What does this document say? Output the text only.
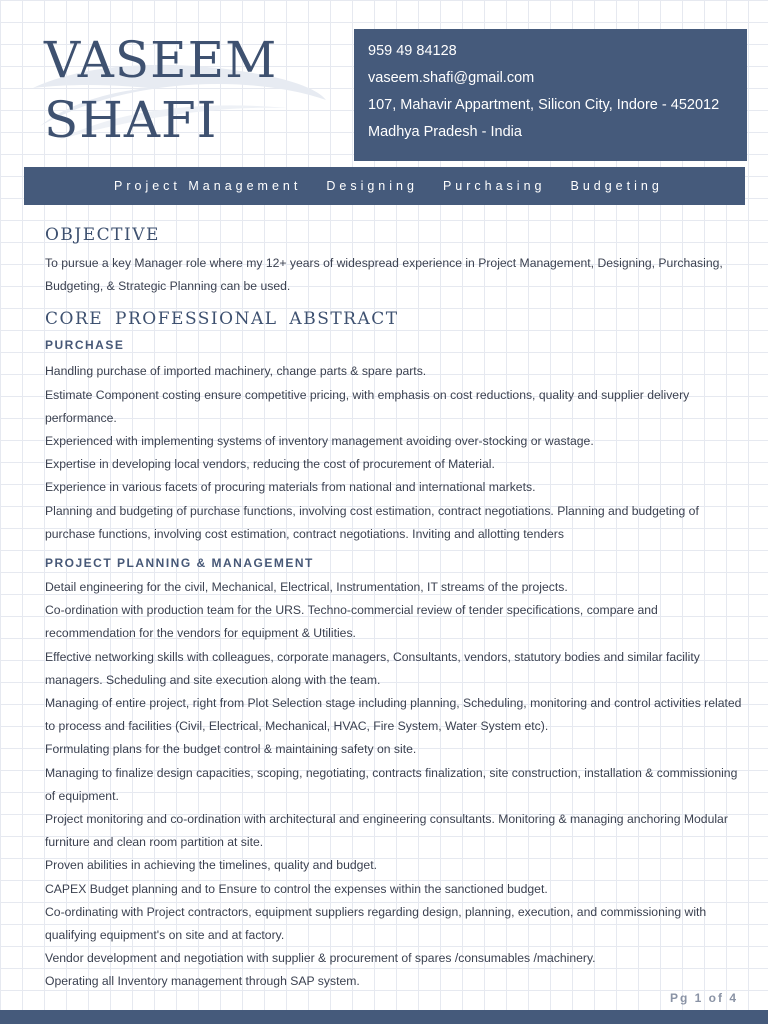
VASEEM
SHAFI
959 49 84128
vaseem.shafi@gmail.com
107, Mahavir Appartment, Silicon City, Indore - 452012
Madhya Pradesh - India
Project Management Designing Purchasing Budgeting
OBJECTIVE
To pursue a key Manager role where my 12+ years of widespread experience in Project Management, Designing, Purchasing, Budgeting, & Strategic Planning can be used.
CORE PROFESSIONAL ABSTRACT
PURCHASE
Handling purchase of imported machinery, change parts & spare parts.
Estimate Component costing ensure competitive pricing, with emphasis on cost reductions, quality and supplier delivery performance.
Experienced with implementing systems of inventory management avoiding over-stocking or wastage.
Expertise in developing local vendors, reducing the cost of procurement of Material.
Experience in various facets of procuring materials from national and international markets.
Planning and budgeting of purchase functions, involving cost estimation, contract negotiations. Planning and budgeting of purchase functions, involving cost estimation, contract negotiations. Inviting and allotting tenders
PROJECT PLANNING & MANAGEMENT
Detail engineering for the civil, Mechanical, Electrical, Instrumentation, IT streams of the projects.
Co-ordination with production team for the URS. Techno-commercial review of tender specifications, compare and recommendation for the vendors for equipment & Utilities.
Effective networking skills with colleagues, corporate managers, Consultants, vendors, statutory bodies and similar facility managers. Scheduling and site execution along with the team.
Managing of entire project, right from Plot Selection stage including planning, Scheduling, monitoring and control activities related to process and facilities (Civil, Electrical, Mechanical, HVAC, Fire System, Water System etc).
Formulating plans for the budget control & maintaining safety on site.
Managing to finalize design capacities, scoping, negotiating, contracts finalization, site construction, installation & commissioning of equipment.
Project monitoring and co-ordination with architectural and engineering consultants. Monitoring & managing anchoring Modular furniture and clean room partition at site.
Proven abilities in achieving the timelines, quality and budget.
CAPEX Budget planning and to Ensure to control the expenses within the sanctioned budget.
Co-ordinating with Project contractors, equipment suppliers regarding design, planning, execution, and commissioning with qualifying equipment's on site and at factory.
Vendor development and negotiation with supplier & procurement of spares /consumables /machinery.
Operating all Inventory management through SAP system.
Pg 1 of 4
